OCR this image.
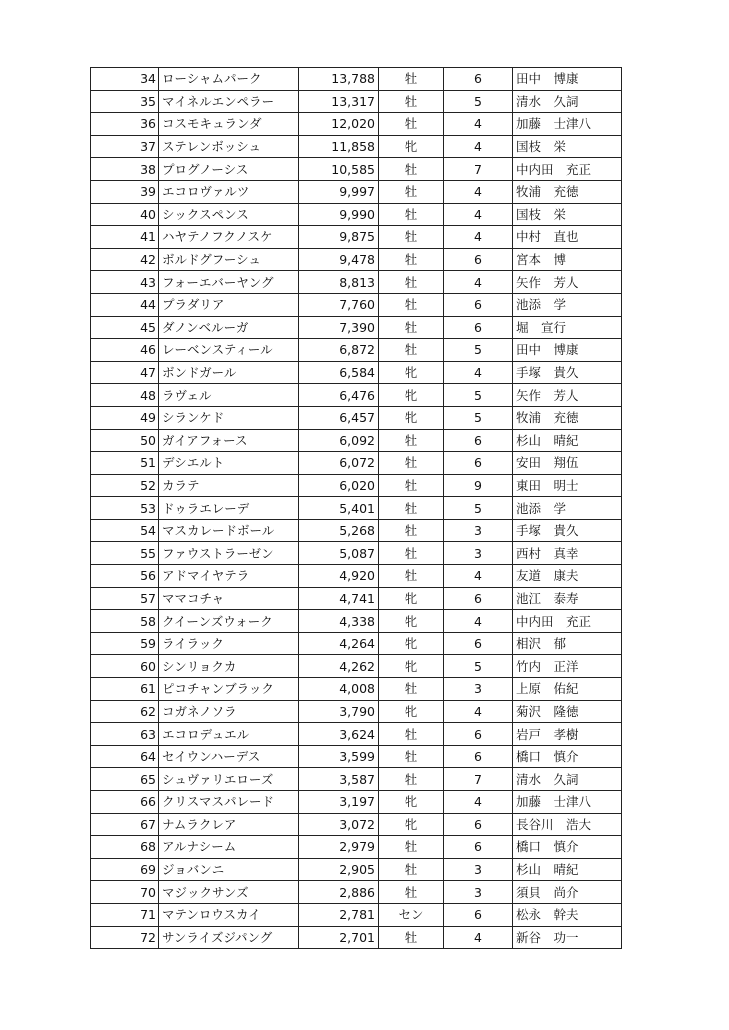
34	ローシャムパーク	13,788	牡	6	田中　博康
35	マイネルエンペラー	13,317	牡	5	清水　久詞
36	コスモキュランダ	12,020	牡	4	加藤　士津八
37	ステレンボッシュ	11,858	牝	4	国枝　栄
38	プログノーシス	10,585	牡	7	中内田　充正
39	エコロヴァルツ	9,997	牡	4	牧浦　充徳
40	シックスペンス	9,990	牡	4	国枝　栄
41	ハヤテノフクノスケ	9,875	牡	4	中村　直也
42	ボルドグフーシュ	9,478	牡	6	宮本　博
43	フォーエバーヤング	8,813	牡	4	矢作　芳人
44	プラダリア	7,760	牡	6	池添　学
45	ダノンベルーガ	7,390	牡	6	堀　宣行
46	レーベンスティール	6,872	牡	5	田中　博康
47	ボンドガール	6,584	牝	4	手塚　貴久
48	ラヴェル	6,476	牝	5	矢作　芳人
49	シランケド	6,457	牝	5	牧浦　充徳
50	ガイアフォース	6,092	牡	6	杉山　晴紀
51	デシエルト	6,072	牡	6	安田　翔伍
52	カラテ	6,020	牡	9	東田　明士
53	ドゥラエレーデ	5,401	牡	5	池添　学
54	マスカレードボール	5,268	牡	3	手塚　貴久
55	ファウストラーゼン	5,087	牡	3	西村　真幸
56	アドマイヤテラ	4,920	牡	4	友道　康夫
57	ママコチャ	4,741	牝	6	池江　泰寿
58	クイーンズウォーク	4,338	牝	4	中内田　充正
59	ライラック	4,264	牝	6	相沢　郁
60	シンリョクカ	4,262	牝	5	竹内　正洋
61	ピコチャンブラック	4,008	牡	3	上原　佑紀
62	コガネノソラ	3,790	牝	4	菊沢　隆徳
63	エコロデュエル	3,624	牡	6	岩戸　孝樹
64	セイウンハーデス	3,599	牡	6	橋口　慎介
65	シュヴァリエローズ	3,587	牡	7	清水　久詞
66	クリスマスパレード	3,197	牝	4	加藤　士津八
67	ナムラクレア	3,072	牝	6	長谷川　浩大
68	アルナシーム	2,979	牡	6	橋口　慎介
69	ジョバンニ	2,905	牡	3	杉山　晴紀
70	マジックサンズ	2,886	牡	3	須貝　尚介
71	マテンロウスカイ	2,781	セン	6	松永　幹夫
72	サンライズジパング	2,701	牡	4	新谷　功一
